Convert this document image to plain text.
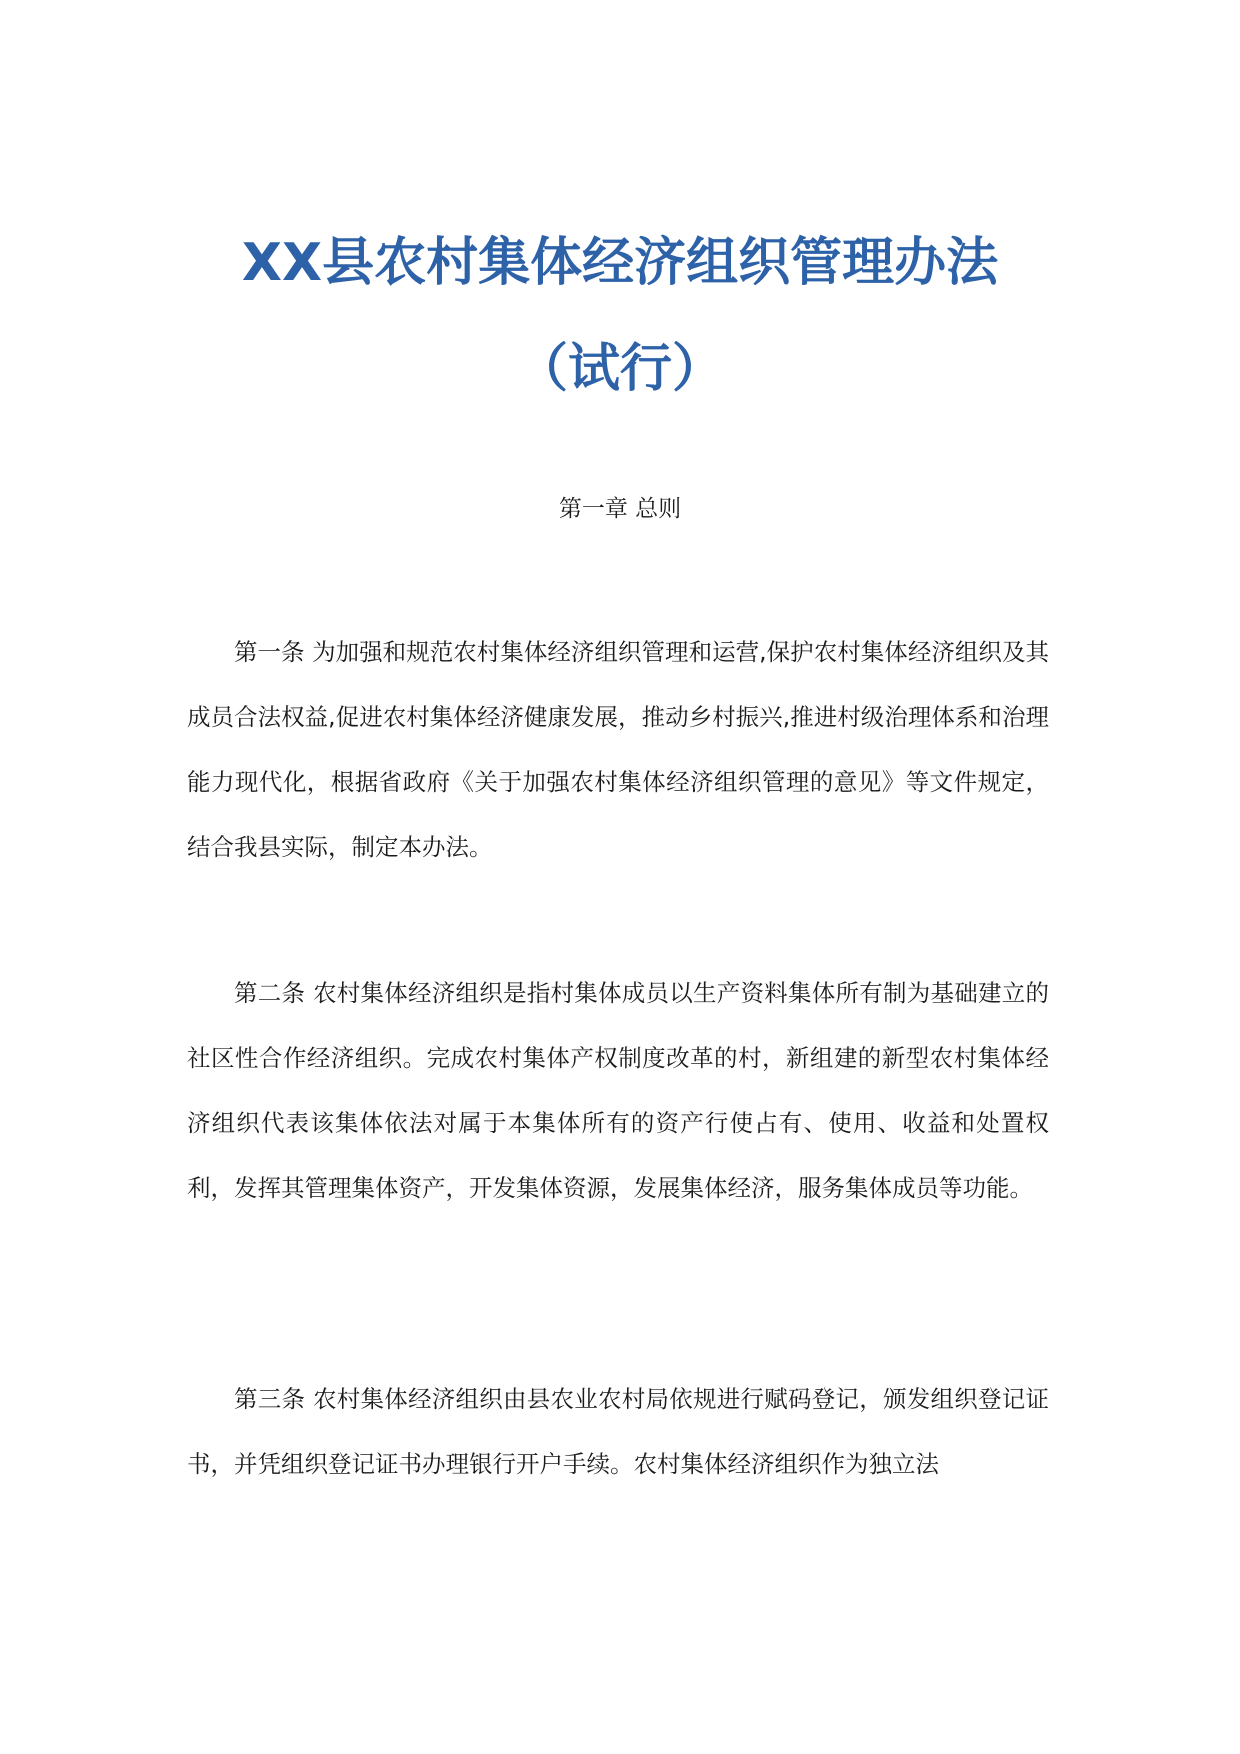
XX县农村集体经济组织管理办法（试行）

第一章 总则

第一条 为加强和规范农村集体经济组织管理和运营,保护农村集体经济组织及其成员合法权益,促进农村集体经济健康发展，推动乡村振兴,推进村级治理体系和治理能力现代化，根据省政府《关于加强农村集体经济组织管理的意见》等文件规定，结合我县实际，制定本办法。

第二条 农村集体经济组织是指村集体成员以生产资料集体所有制为基础建立的社区性合作经济组织。完成农村集体产权制度改革的村，新组建的新型农村集体经济组织代表该集体依法对属于本集体所有的资产行使占有、使用、收益和处置权利，发挥其管理集体资产，开发集体资源，发展集体经济，服务集体成员等功能。

第三条 农村集体经济组织由县农业农村局依规进行赋码登记，颁发组织登记证书，并凭组织登记证书办理银行开户手续。农村集体经济组织作为独立法
